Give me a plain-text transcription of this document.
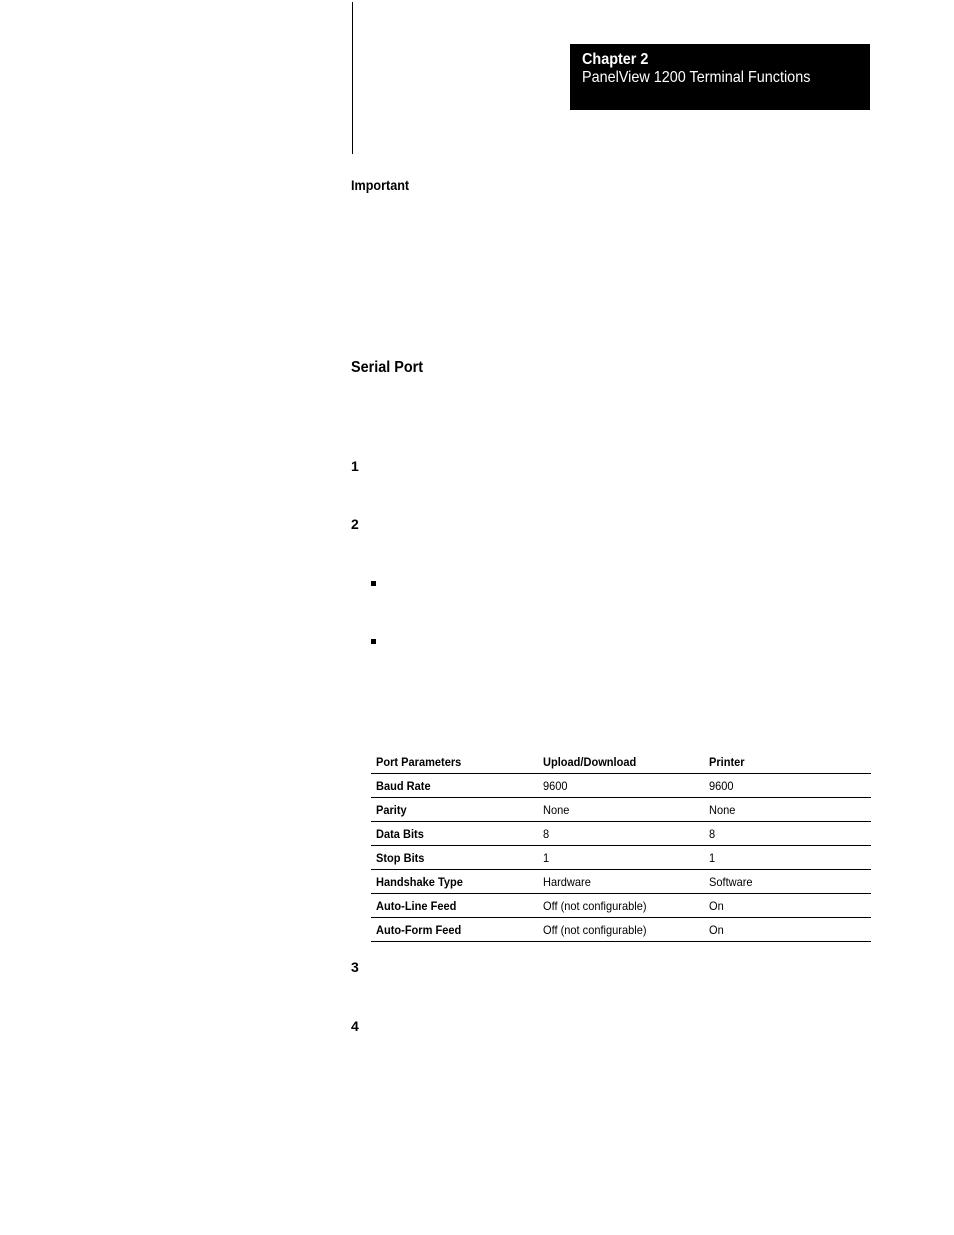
Chapter 2
PanelView 1200 Terminal Functions
Important
Serial Port
1
2
Port Parameters	Upload/Download	Printer
Baud Rate	9600	9600
Parity	None	None
Data Bits	8	8
Stop Bits	1	1
Handshake Type	Hardware	Software
Auto-Line Feed	Off (not configurable)	On
Auto-Form Feed	Off (not configurable)	On
3
4
